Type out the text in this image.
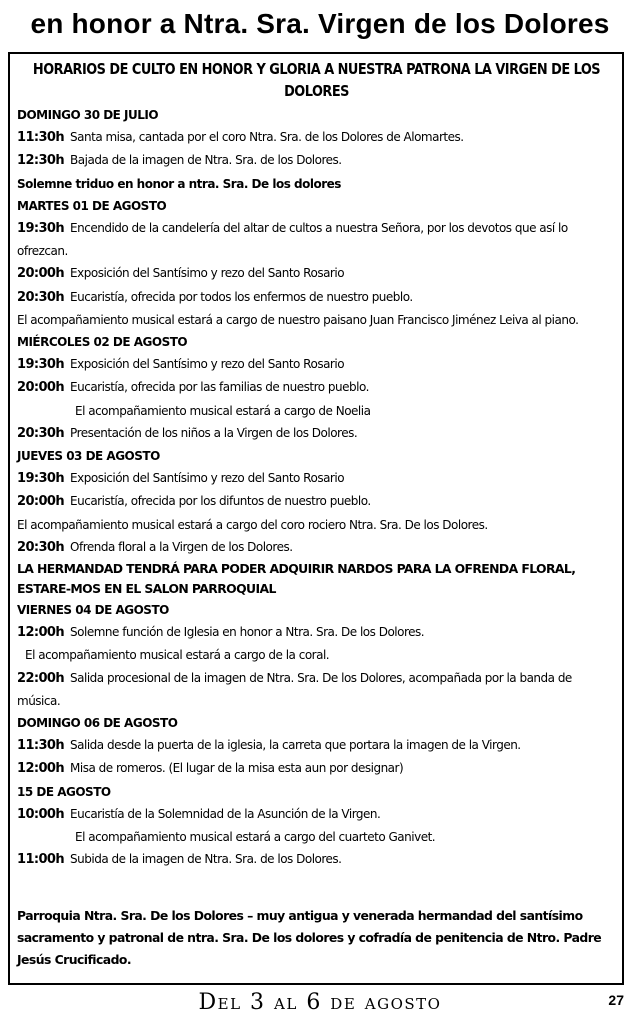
en honor a Ntra. Sra. Virgen de los Dolores
HORARIOS DE CULTO EN HONOR Y GLORIA A NUESTRA PATRONA LA VIRGEN DE LOS DOLORES
DOMINGO 30 DE JULIO
11:30h Santa misa, cantada por el coro Ntra. Sra. de los Dolores de Alomartes.
12:30h Bajada de la imagen de Ntra. Sra. de los Dolores.
Solemne triduo en honor a ntra. Sra. De los dolores
MARTES 01 DE AGOSTO
19:30h Encendido de la candelería del altar de cultos a nuestra Señora, por los devotos que así lo ofrezcan.
20:00h Exposición del Santísimo y rezo del Santo Rosario
20:30h Eucaristía, ofrecida por todos los enfermos de nuestro pueblo.
El acompañamiento musical estará a cargo de nuestro paisano Juan Francisco Jiménez Leiva al piano.
MIÉRCOLES 02 DE AGOSTO
19:30h Exposición del Santísimo y rezo del Santo Rosario
20:00h Eucaristía, ofrecida por las familias de nuestro pueblo.
El acompañamiento musical estará a cargo de Noelia
20:30h Presentación de los niños a la Virgen de los Dolores.
JUEVES 03 DE AGOSTO
19:30h Exposición del Santísimo y rezo del Santo Rosario
20:00h Eucaristía, ofrecida por los difuntos de nuestro pueblo.
El acompañamiento musical estará a cargo del coro rociero Ntra. Sra. De los Dolores.
20:30h Ofrenda floral a la Virgen de los Dolores.
LA HERMANDAD TENDRÁ PARA PODER ADQUIRIR NARDOS PARA LA OFRENDA FLORAL, ESTARE-MOS EN EL SALON PARROQUIAL
VIERNES 04 DE AGOSTO
12:00h Solemne función de Iglesia en honor a Ntra. Sra. De los Dolores.
El acompañamiento musical estará a cargo de la coral.
22:00h Salida procesional de la imagen de Ntra. Sra. De los Dolores, acompañada por la banda de música.
DOMINGO 06 DE AGOSTO
11:30h Salida desde la puerta de la iglesia, la carreta que portara la imagen de la Virgen.
12:00h Misa de romeros. (El lugar de la misa esta aun por designar)
15 DE AGOSTO
10:00h Eucaristía de la Solemnidad de la Asunción de la Virgen.
El acompañamiento musical estará a cargo del cuarteto Ganivet.
11:00h Subida de la imagen de Ntra. Sra. de los Dolores.
Parroquia Ntra. Sra. De los Dolores – muy antigua y venerada hermandad del santísimo sacramento y patronal de ntra. Sra. De los dolores y cofradía de penitencia de Ntro. Padre Jesús Crucificado.
Del 3 al 6 de agosto	27
